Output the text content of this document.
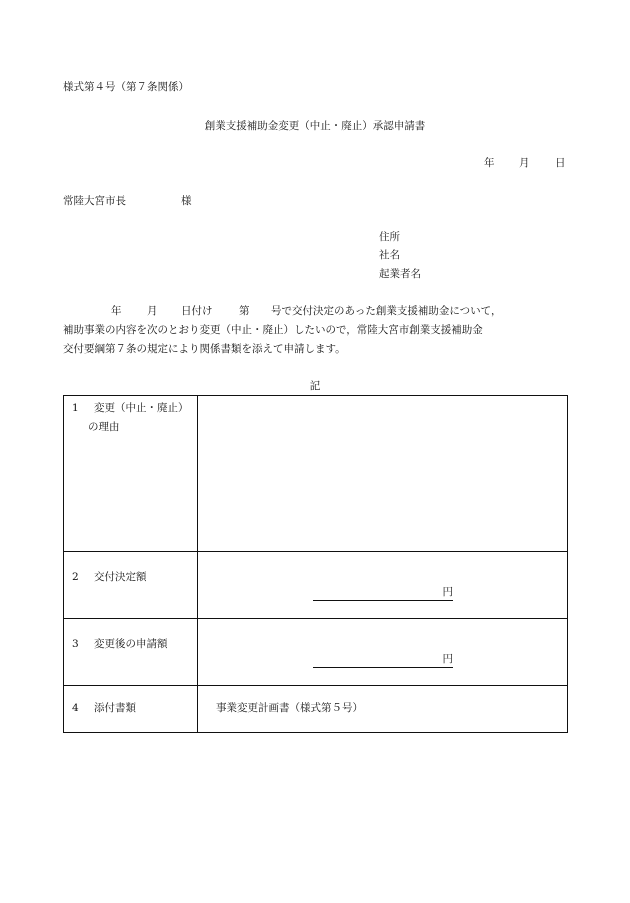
様式第４号（第７条関係）
創業支援補助金変更（中止・廃止）承認申請書
年 月 日
常陸大宮市長	様
住所
社名
起業者名
年 月 日付け	第 号で交付決定のあった創業支援補助金について，
補助事業の内容を次のとおり変更（中止・廃止）したいので，常陸大宮市創業支援補助金
交付要綱第７条の規定により関係書類を添えて申請します。
記
1 変更（中止・廃止）
の理由	

2 交付決定額	円

3 変更後の申請額	円

4 添付書類	事業変更計画書（様式第５号）
